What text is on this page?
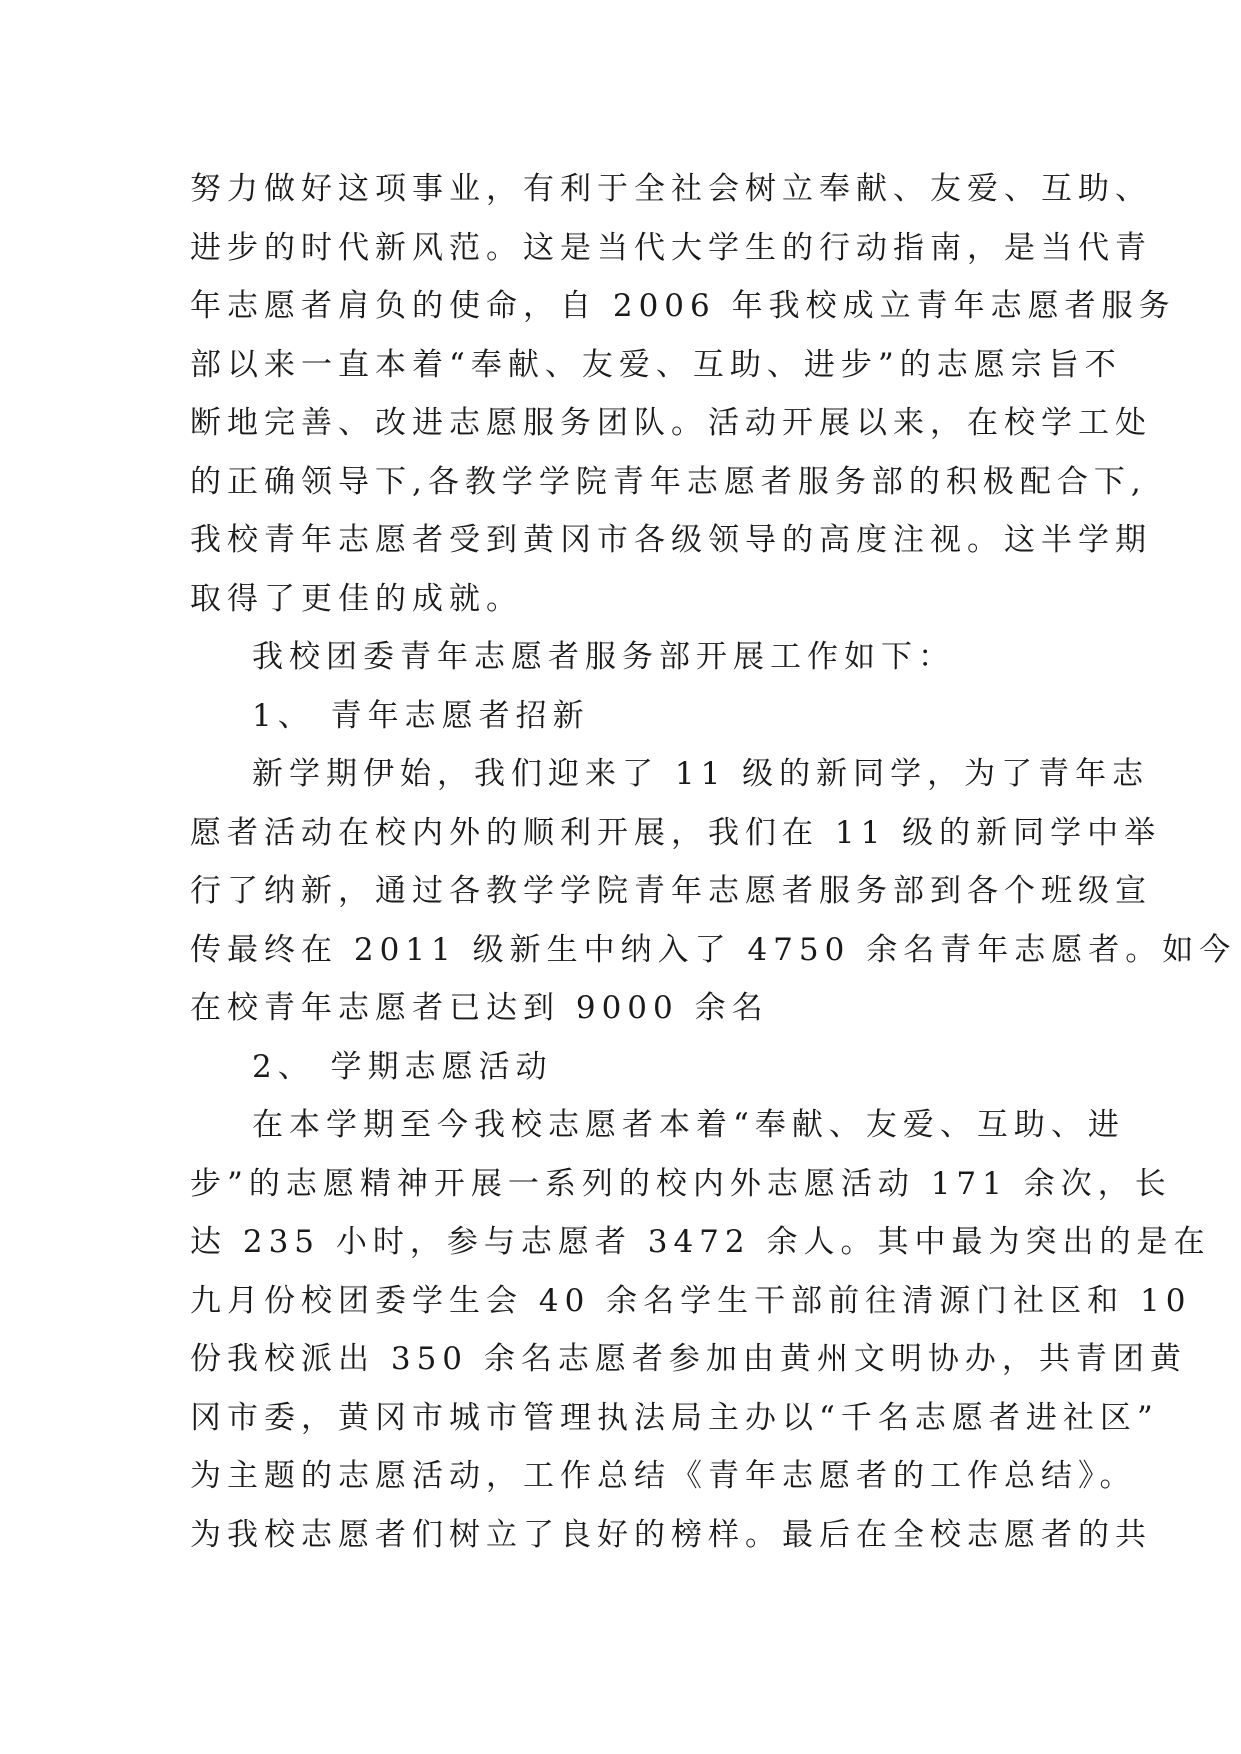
努力做好这项事业，有利于全社会树立奉献、友爱、互助、
进步的时代新风范。这是当代大学生的行动指南，是当代青
年志愿者肩负的使命，自 2006 年我校成立青年志愿者服务
部以来一直本着“奉献、友爱、互助、进步”的志愿宗旨不
断地完善、改进志愿服务团队。活动开展以来，在校学工处
的正确领导下,各教学学院青年志愿者服务部的积极配合下,
我校青年志愿者受到黄冈市各级领导的高度注视。这半学期
取得了更佳的成就。
我校团委青年志愿者服务部开展工作如下：
1、 青年志愿者招新
新学期伊始，我们迎来了 11 级的新同学，为了青年志
愿者活动在校内外的顺利开展，我们在 11 级的新同学中举
行了纳新，通过各教学学院青年志愿者服务部到各个班级宣
传最终在 2011 级新生中纳入了 4750 余名青年志愿者。如今
在校青年志愿者已达到 9000 余名
2、 学期志愿活动
在本学期至今我校志愿者本着“奉献、友爱、互助、进
步”的志愿精神开展一系列的校内外志愿活动 171 余次，长
达 235 小时，参与志愿者 3472 余人。其中最为突出的是在
九月份校团委学生会 40 余名学生干部前往清源门社区和 10
份我校派出 350 余名志愿者参加由黄州文明协办，共青团黄
冈市委，黄冈市城市管理执法局主办以“千名志愿者进社区”
为主题的志愿活动，工作总结《青年志愿者的工作总结》。
为我校志愿者们树立了良好的榜样。最后在全校志愿者的共
